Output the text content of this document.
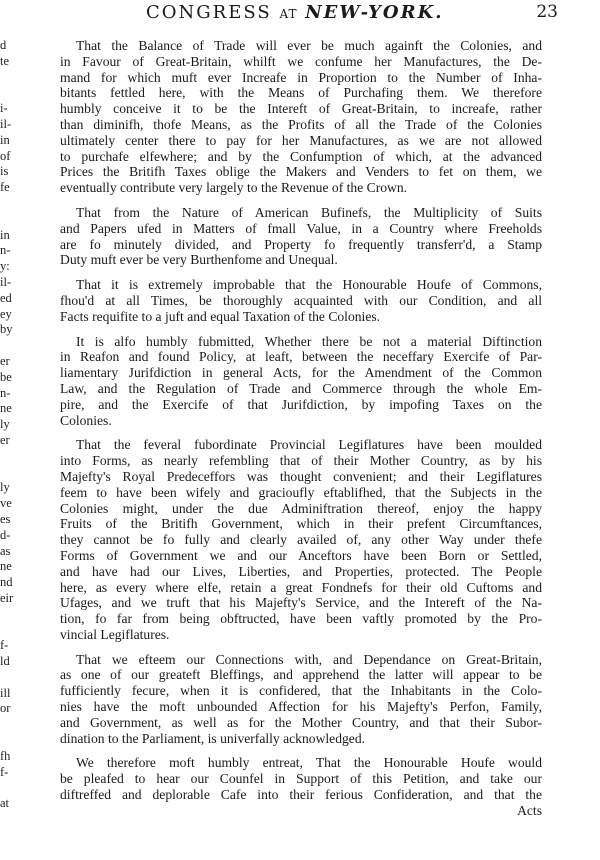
CONGRESS AT NEW-YORK.	23
d
te
i-
il-
in
of
is
fe
in
n-
y:
il-
ed
ey
by
er
be
n-
ne
ly
er
ly
ve
es
d-
as
ne
nd
eir
f-
ld
ill
or
fh
f-
at
That the Balance of Trade will ever be much againft the Colonies, and
in Favour of Great-Britain, whilft we confume her Manufactures, the De-
mand for which muft ever Increafe in Proportion to the Number of Inha-
bitants fettled here, with the Means of Purchafing them. We therefore
humbly conceive it to be the Intereft of Great-Britain, to increafe, rather
than diminifh, thofe Means, as the Profits of all the Trade of the Colonies
ultimately center there to pay for her Manufactures, as we are not allowed
to purchafe elfewhere; and by the Confumption of which, at the advanced
Prices the Britifh Taxes oblige the Makers and Venders to fet on them, we
eventually contribute very largely to the Revenue of the Crown.
That from the Nature of American Bufinefs, the Multiplicity of Suits
and Papers ufed in Matters of fmall Value, in a Country where Freeholds
are fo minutely divided, and Property fo frequently transferr'd, a Stamp
Duty muft ever be very Burthenfome and Unequal.
That it is extremely improbable that the Honourable Houfe of Commons,
fhou'd at all Times, be thoroughly acquainted with our Condition, and all
Facts requifite to a juft and equal Taxation of the Colonies.
It is alfo humbly fubmitted, Whether there be not a material Diftinction
in Reafon and found Policy, at leaft, between the neceffary Exercife of Par-
liamentary Jurifdiction in general Acts, for the Amendment of the Common
Law, and the Regulation of Trade and Commerce through the whole Em-
pire, and the Exercife of that Jurifdiction, by impofing Taxes on the
Colonies.
That the feveral fubordinate Provincial Legiflatures have been moulded
into Forms, as nearly refembling that of their Mother Country, as by his
Majefty's Royal Predeceffors was thought convenient; and their Legiflatures
feem to have been wifely and gracioufly eftablifhed, that the Subjects in the
Colonies might, under the due Adminiftration thereof, enjoy the happy
Fruits of the Britifh Government, which in their prefent Circumftances,
they cannot be fo fully and clearly availed of, any other Way under thefe
Forms of Government we and our Anceftors have been Born or Settled,
and have had our Lives, Liberties, and Properties, protected. The People
here, as every where elfe, retain a great Fondnefs for their old Cuftoms and
Ufages, and we truft that his Majefty's Service, and the Intereft of the Na-
tion, fo far from being obftructed, have been vaftly promoted by the Pro-
vincial Legiflatures.
That we efteem our Connections with, and Dependance on Great-Britain,
as one of our greateft Bleffings, and apprehend the latter will appear to be
fufficiently fecure, when it is confidered, that the Inhabitants in the Colo-
nies have the moft unbounded Affection for his Majefty's Perfon, Family,
and Government, as well as for the Mother Country, and that their Subor-
dination to the Parliament, is univerfally acknowledged.
We therefore moft humbly entreat, That the Honourable Houfe would
be pleafed to hear our Counfel in Support of this Petition, and take our
diftreffed and deplorable Cafe into their ferious Confideration, and that the
Acts
